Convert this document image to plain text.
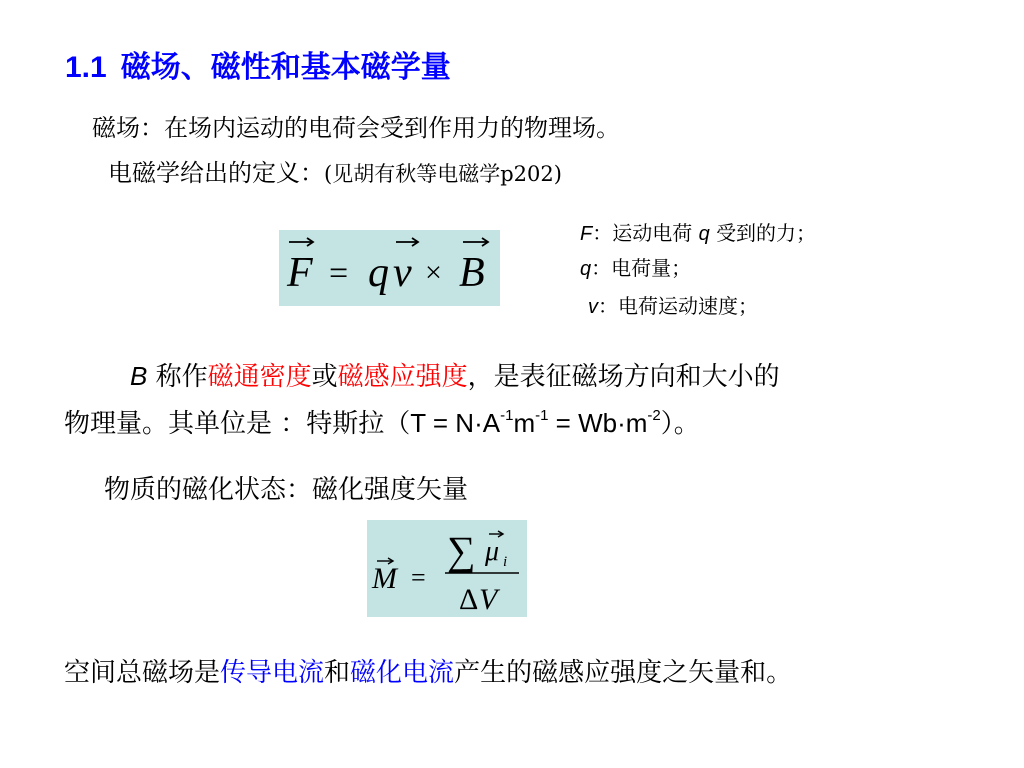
1.1 磁场、磁性和基本磁学量
磁场：在场内运动的电荷会受到作用力的物理场。
电磁学给出的定义：(见胡有秋等电磁学p202)
F = q v × B
F：运动电荷 q 受到的力；
q：电荷量；
v：电荷运动速度；
B 称作磁通密度或磁感应强度，是表征磁场方向和大小的
物理量。其单位是 ：特斯拉$(T = N\cdot A^{-1}m^{-1} = Wb\cdot m^{-2})$。
物质的磁化状态：磁化强度矢量
M =
∑ μ i
Δ V
空间总磁场是传导电流和磁化电流产生的磁感应强度之矢量和。
